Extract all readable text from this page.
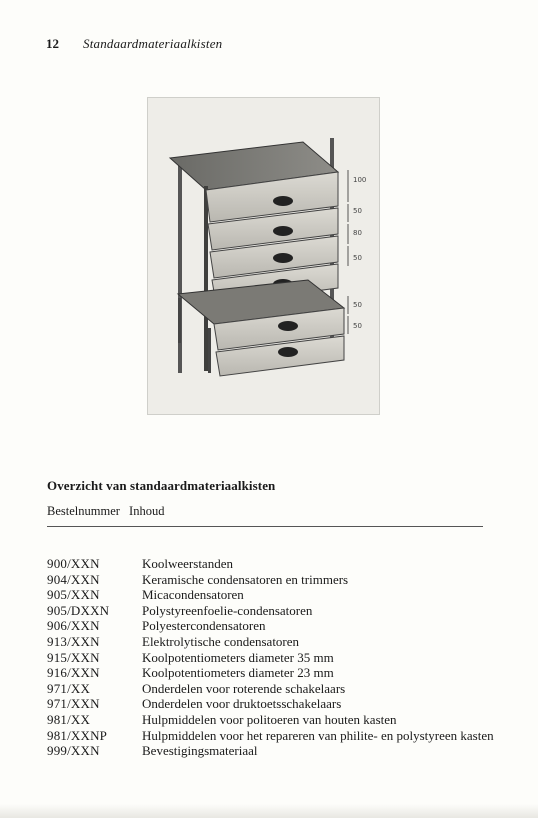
12 Standaardmateriaalkisten
100
50
80
50
50
50
Overzicht van standaardmateriaalkisten
Bestelnummer Inhoud
900/XXN	Koolweerstanden
904/XXN	Keramische condensatoren en trimmers
905/XXN	Micacondensatoren
905/DXXN	Polystyreenfoelie-condensatoren
906/XXN	Polyestercondensatoren
913/XXN	Elektrolytische condensatoren
915/XXN	Koolpotentiometers diameter 35 mm
916/XXN	Koolpotentiometers diameter 23 mm
971/XX	Onderdelen voor roterende schakelaars
971/XXN	Onderdelen voor druktoetsschakelaars
981/XX	Hulpmiddelen voor politoeren van houten kasten
981/XXNP	Hulpmiddelen voor het repareren van philite- en polystyreen kasten
999/XXN	Bevestigingsmateriaal
